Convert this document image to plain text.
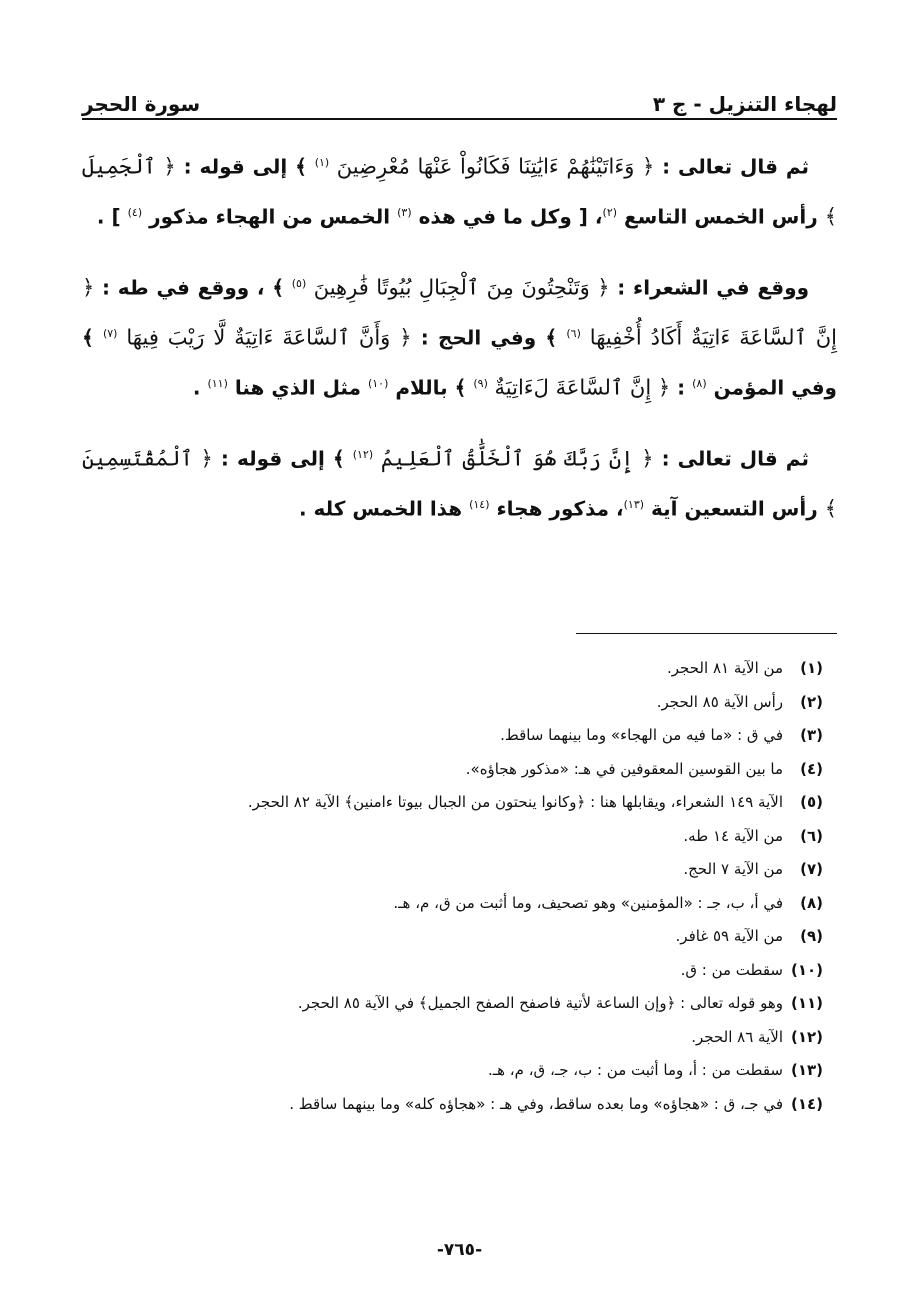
لهجاء التنزيل - ج ٣
سورة الحجر

ثم قال تعالى : ﴿ وَءَاتَيْنَٰهُمْ ءَايَٰتِنَا فَكَانُواْ عَنْهَا مُعْرِضِينَ $^{(١)}$ ﴾ إلى قوله : ﴿ ٱلْجَمِيلَ ﴾ رأس الخمس التاسع $^{(٢)}$، [ وكل ما في هذه $^{(٣)}$ الخمس من الهجاء مذكور $^{(٤)}$ ] .

ووقع في الشعراء : ﴿ وَتَنْحِتُونَ مِنَ ٱلْجِبَالِ بُيُوتًا فَٰرِهِينَ $^{(٥)}$ ﴾ ، ووقع في طه : ﴿ إِنَّ ٱلسَّاعَةَ ءَاتِيَةٌ أَكَادُ أُخْفِيهَا $^{(٦)}$ ﴾ وفي الحج : ﴿ وَأَنَّ ٱلسَّاعَةَ ءَاتِيَةٌ لَّا رَيْبَ فِيهَا $^{(٧)}$ ﴾ وفي المؤمن $^{(٨)}$ : ﴿ إِنَّ ٱلسَّاعَةَ لَءَاتِيَةٌ $^{(٩)}$ ﴾ باللام $^{(١٠)}$ مثل الذي هنا $^{(١١)}$ .

ثم قال تعالى : ﴿ إِنَّ رَبَّكَ هُوَ ٱلْخَلَّٰقُ ٱلْعَلِيمُ $^{(١٢)}$ ﴾ إلى قوله : ﴿ ٱلْمُقْتَسِمِينَ ﴾ رأس التسعين آية $^{(١٣)}$، مذكور هجاء $^{(١٤)}$ هذا الخمس كله .

(١)من الآية ٨١ الحجر.
(٢)رأس الآية ٨٥ الحجر.
(٣)في ق : «ما فيه من الهجاء» وما بينهما ساقط.
(٤)ما بين القوسين المعقوفين في هـ: «مذكور هجاؤه».
(٥)الآية ١٤٩ الشعراء، ويقابلها هنا : ﴿وكانوا ينحتون من الجبال بيوتا ءامنين﴾ الآية ٨٢ الحجر.
(٦)من الآية ١٤ طه.
(٧)من الآية ٧ الحج.
(٨)في أ، ب، جـ : «المؤمنين» وهو تصحيف، وما أثبت من ق، م، هـ.
(٩)من الآية ٥٩ غافر.
(١٠)سقطت من : ق.
(١١)وهو قوله تعالى : ﴿وإن الساعة لأتية فاصفح الصفح الجميل﴾ في الآية ٨٥ الحجر.
(١٢)الآية ٨٦ الحجر.
(١٣)سقطت من : أ، وما أثبت من : ب، جـ، ق، م، هـ.
(١٤)في جـ، ق : «هجاؤه» وما بعده ساقط، وفي هـ : «هجاؤه كله» وما بينهما ساقط .
-٧٦٥-
